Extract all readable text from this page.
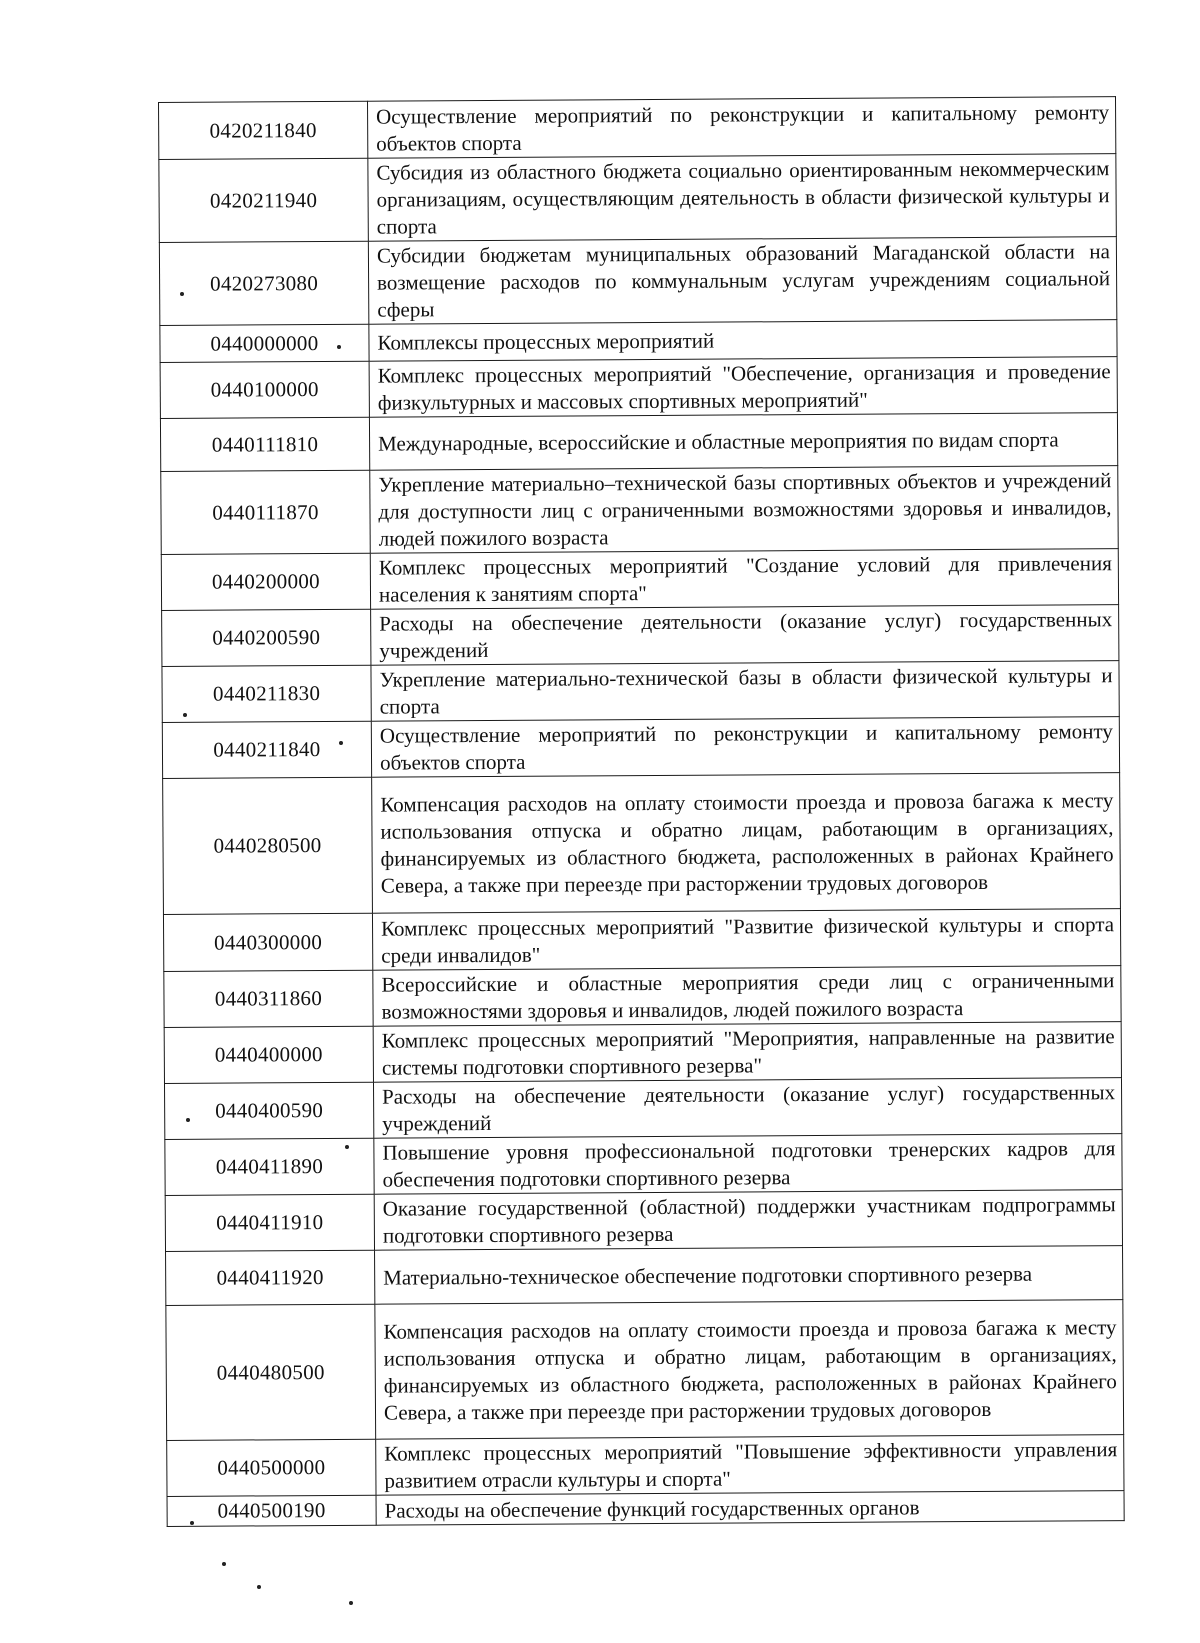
0420211840	Осуществление мероприятий по реконструкции и капитальному ремонту объектов спорта

0420211940	Субсидия из областного бюджета социально ориентированным некоммерческим организациям, осуществляющим деятельность в области физической культуры и спорта

0420273080	Субсидии бюджетам муниципальных образований Магаданской области на возмещение расходов по коммунальным услугам учреждениям социальной сферы

0440000000	Комплексы процессных мероприятий

0440100000	Комплекс процессных мероприятий "Обеспечение, организация и проведение физкультурных и массовых спортивных мероприятий"

0440111810	Международные, всероссийские и областные мероприятия по видам спорта

0440111870	Укрепление материально–технической базы спортивных объектов и учреждений для доступности лиц с ограниченными возможностями здоровья и инвалидов, людей пожилого возраста

0440200000	Комплекс процессных мероприятий "Создание условий для привлечения населения к занятиям спорта"

0440200590	Расходы на обеспечение деятельности (оказание услуг) государственных учреждений

0440211830	Укрепление материально-технической базы в области физической культуры и спорта

0440211840	Осуществление мероприятий по реконструкции и капитальному ремонту объектов спорта

0440280500	Компенсация расходов на оплату стоимости проезда и провоза багажа к месту использования отпуска и обратно лицам, работающим в организациях, финансируемых из областного бюджета, расположенных в районах Крайнего Севера, а также при переезде при расторжении трудовых договоров

0440300000	Комплекс процессных мероприятий "Развитие физической культуры и спорта среди инвалидов"

0440311860	Всероссийские и областные мероприятия среди лиц с ограниченными возможностями здоровья и инвалидов, людей пожилого возраста

0440400000	Комплекс процессных мероприятий "Мероприятия, направленные на развитие системы подготовки спортивного резерва"

0440400590	Расходы на обеспечение деятельности (оказание услуг) государственных учреждений

0440411890	Повышение уровня профессиональной подготовки тренерских кадров для обеспечения подготовки спортивного резерва

0440411910	Оказание государственной (областной) поддержки участникам подпрограммы подготовки спортивного резерва

0440411920	Материально-техническое обеспечение подготовки спортивного резерва

0440480500	Компенсация расходов на оплату стоимости проезда и провоза багажа к месту использования отпуска и обратно лицам, работающим в организациях, финансируемых из областного бюджета, расположенных в районах Крайнего Севера, а также при переезде при расторжении трудовых договоров

0440500000	Комплекс процессных мероприятий "Повышение эффективности управления развитием отрасли культуры и спорта"

0440500190	Расходы на обеспечение функций государственных органов
